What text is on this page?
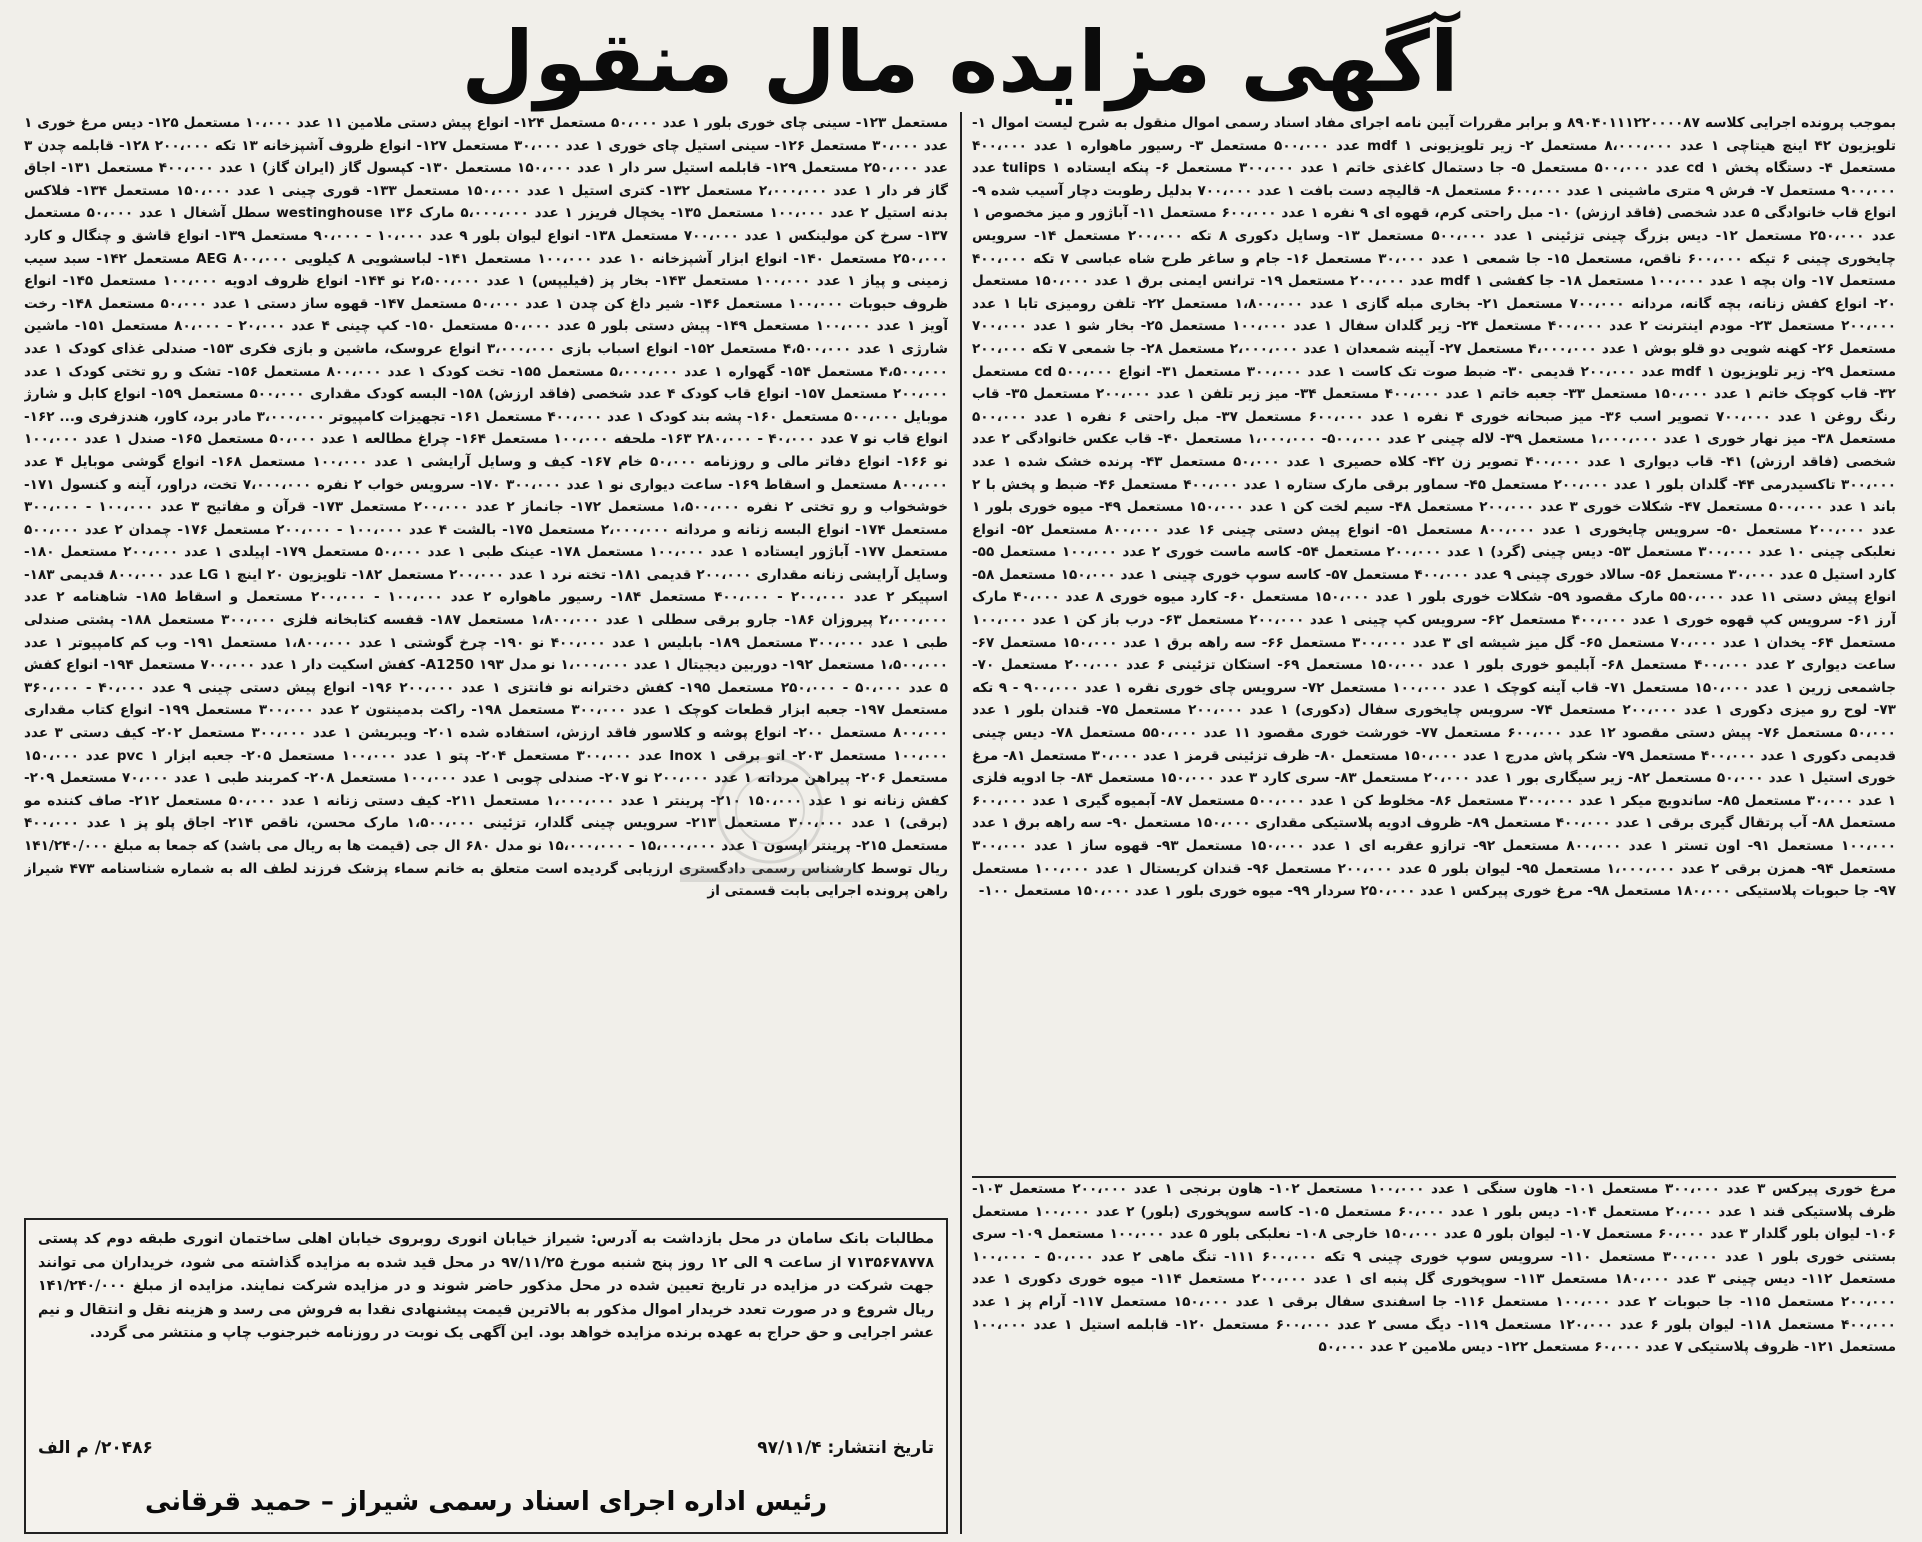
آگهی مزایده مال منقول
بموجب پرونده اجرایی کلاسه ۸۹۰۴۰۱۱۱۲۲۰۰۰۰۸۷ و برابر مقررات آیین نامه اجرای مفاد اسناد رسمی اموال منقول به شرح لیست اموال ۱- تلویزیون ۴۲ اینچ هیتاچی ۱ عدد ۸،۰۰۰،۰۰۰ مستعمل ۲- زیر تلویزیونی mdf ۱ عدد ۵۰۰،۰۰۰ مستعمل ۳- رسیور ماهواره ۱ عدد ۴۰۰،۰۰۰ مستعمل ۴- دستگاه پخش cd ۱ عدد ۵۰۰،۰۰۰ مستعمل ۵- جا دستمال کاغذی خاتم ۱ عدد ۳۰۰،۰۰۰ مستعمل ۶- پنکه ایستاده tulips ۱ عدد ۹۰۰،۰۰۰ مستعمل ۷- فرش ۹ متری ماشینی ۱ عدد ۶۰۰،۰۰۰ مستعمل ۸- قالیچه دست بافت ۱ عدد ۷۰۰،۰۰۰ بدلیل رطوبت دچار آسیب شده ۹- انواع قاب خانوادگی ۵ عدد شخصی (فاقد ارزش) ۱۰- مبل راحتی کرم، قهوه ای ۹ نفره ۱ عدد ۶۰۰،۰۰۰ مستعمل ۱۱- آباژور و میز مخصوص ۱ عدد ۲۵۰،۰۰۰ مستعمل ۱۲- دیس بزرگ چینی تزئینی ۱ عدد ۵۰۰،۰۰۰ مستعمل ۱۳- وسایل دکوری ۸ تکه ۲۰۰،۰۰۰ مستعمل ۱۴- سرویس چایخوری چینی ۶ تیکه ۶۰۰،۰۰۰ ناقص، مستعمل ۱۵- جا شمعی ۱ عدد ۳۰،۰۰۰ مستعمل ۱۶- جام و ساغر طرح شاه عباسی ۷ تکه ۴۰۰،۰۰۰ مستعمل ۱۷- وان بچه ۱ عدد ۱۰۰،۰۰۰ مستعمل ۱۸- جا کفشی mdf ۱ عدد ۲۰۰،۰۰۰ مستعمل ۱۹- ترانس ایمنی برق ۱ عدد ۱۵۰،۰۰۰ مستعمل ۲۰- انواع کفش زنانه، بچه گانه، مردانه ۷۰۰،۰۰۰ مستعمل ۲۱- بخاری مبله گازی ۱ عدد ۱،۸۰۰،۰۰۰ مستعمل ۲۲- تلفن رومیزی تابا ۱ عدد ۲۰۰،۰۰۰ مستعمل ۲۳- مودم اینترنت ۲ عدد ۴۰۰،۰۰۰ مستعمل ۲۴- زیر گلدان سفال ۱ عدد ۱۰۰،۰۰۰ مستعمل ۲۵- بخار شو ۱ عدد ۷۰۰،۰۰۰ مستعمل ۲۶- کهنه شویی دو قلو بوش ۱ عدد ۴،۰۰۰،۰۰۰ مستعمل ۲۷- آیینه شمعدان ۱ عدد ۲،۰۰۰،۰۰۰ مستعمل ۲۸- جا شمعی ۷ تکه ۲۰۰،۰۰۰ مستعمل ۲۹- زیر تلویزیون mdf ۱ عدد ۲۰۰،۰۰۰ قدیمی ۳۰- ضبط صوت تک کاست ۱ عدد ۳۰۰،۰۰۰ مستعمل ۳۱- انواع cd ۵۰۰،۰۰۰ مستعمل ۳۲- قاب کوچک خاتم ۱ عدد ۱۵۰،۰۰۰ مستعمل ۳۳- جعبه خاتم ۱ عدد ۴۰۰،۰۰۰ مستعمل ۳۴- میز زیر تلفن ۱ عدد ۲۰۰،۰۰۰ مستعمل ۳۵- قاب رنگ روغن ۱ عدد ۷۰۰،۰۰۰ تصویر اسب ۳۶- میز صبحانه خوری ۴ نفره ۱ عدد ۶۰۰،۰۰۰ مستعمل ۳۷- مبل راحتی ۶ نفره ۱ عدد ۵۰۰،۰۰۰ مستعمل ۳۸- میز نهار خوری ۱ عدد ۱،۰۰۰،۰۰۰ مستعمل ۳۹- لاله چینی ۲ عدد ۵۰۰،۰۰۰- ۱،۰۰۰،۰۰۰ مستعمل ۴۰- قاب عکس خانوادگی ۲ عدد شخصی (فاقد ارزش) ۴۱- قاب دیواری ۱ عدد ۴۰۰،۰۰۰ تصویر زن ۴۲- کلاه حصیری ۱ عدد ۵۰،۰۰۰ مستعمل ۴۳- پرنده خشک شده ۱ عدد ۳۰۰،۰۰۰ تاکسیدرمی ۴۴- گلدان بلور ۱ عدد ۲۰۰،۰۰۰ مستعمل ۴۵- سماور برقی مارک ستاره ۱ عدد ۴۰۰،۰۰۰ مستعمل ۴۶- ضبط و پخش با ۲ باند ۱ عدد ۵۰۰،۰۰۰ مستعمل ۴۷- شکلات خوری ۳ عدد ۲۰۰،۰۰۰ مستعمل ۴۸- سیم لخت کن ۱ عدد ۱۵۰،۰۰۰ مستعمل ۴۹- میوه خوری بلور ۱ عدد ۲۰۰،۰۰۰ مستعمل ۵۰- سرویس چایخوری ۱ عدد ۸۰۰،۰۰۰ مستعمل ۵۱- انواع پیش دستی چینی ۱۶ عدد ۸۰۰،۰۰۰ مستعمل ۵۲- انواع نعلبکی چینی ۱۰ عدد ۳۰۰،۰۰۰ مستعمل ۵۳- دیس چینی (گرد) ۱ عدد ۲۰۰،۰۰۰ مستعمل ۵۴- کاسه ماست خوری ۲ عدد ۱۰۰،۰۰۰ مستعمل ۵۵- کارد استیل ۵ عدد ۳۰،۰۰۰ مستعمل ۵۶- سالاد خوری چینی ۹ عدد ۴۰۰،۰۰۰ مستعمل ۵۷- کاسه سوپ خوری چینی ۱ عدد ۱۵۰،۰۰۰ مستعمل ۵۸- انواع پیش دستی ۱۱ عدد ۵۵۰،۰۰۰ مارک مقصود ۵۹- شکلات خوری بلور ۱ عدد ۱۵۰،۰۰۰ مستعمل ۶۰- کارد میوه خوری ۸ عدد ۴۰،۰۰۰ مارک آرز ۶۱- سرویس کپ قهوه خوری ۱ عدد ۴۰۰،۰۰۰ مستعمل ۶۲- سرویس کپ چینی ۱ عدد ۲۰۰،۰۰۰ مستعمل ۶۳- درب باز کن ۱ عدد ۱۰۰،۰۰۰ مستعمل ۶۴- یخدان ۱ عدد ۷۰،۰۰۰ مستعمل ۶۵- گل میز شیشه ای ۳ عدد ۳۰۰،۰۰۰ مستعمل ۶۶- سه راهه برق ۱ عدد ۱۵۰،۰۰۰ مستعمل ۶۷- ساعت دیواری ۲ عدد ۴۰۰،۰۰۰ مستعمل ۶۸- آبلیمو خوری بلور ۱ عدد ۱۵۰،۰۰۰ مستعمل ۶۹- استکان تزئینی ۶ عدد ۲۰۰،۰۰۰ مستعمل ۷۰- جاشمعی زرین ۱ عدد ۱۵۰،۰۰۰ مستعمل ۷۱- قاب آینه کوچک ۱ عدد ۱۰۰،۰۰۰ مستعمل ۷۲- سرویس چای خوری نقره ۱ عدد ۹۰۰،۰۰۰ - ۹ تکه ۷۳- لوح رو میزی دکوری ۱ عدد ۲۰۰،۰۰۰ مستعمل ۷۴- سرویس چایخوری سفال (دکوری) ۱ عدد ۲۰۰،۰۰۰ مستعمل ۷۵- قندان بلور ۱ عدد ۵۰،۰۰۰ مستعمل ۷۶- پیش دستی مقصود ۱۲ عدد ۶۰۰،۰۰۰ مستعمل ۷۷- خورشت خوری مقصود ۱۱ عدد ۵۵۰،۰۰۰ مستعمل ۷۸- دیس چینی قدیمی دکوری ۱ عدد ۴۰۰،۰۰۰ مستعمل ۷۹- شکر پاش مدرج ۱ عدد ۱۵۰،۰۰۰ مستعمل ۸۰- ظرف تزئینی قرمز ۱ عدد ۳۰،۰۰۰ مستعمل ۸۱- مرغ خوری استیل ۱ عدد ۵۰،۰۰۰ مستعمل ۸۲- زیر سیگاری بور ۱ عدد ۲۰،۰۰۰ مستعمل ۸۳- سری کارد ۳ عدد ۱۵۰،۰۰۰ مستعمل ۸۴- جا ادویه فلزی ۱ عدد ۳۰،۰۰۰ مستعمل ۸۵- ساندویچ میکر ۱ عدد ۳۰۰،۰۰۰ مستعمل ۸۶- مخلوط کن ۱ عدد ۵۰۰،۰۰۰ مستعمل ۸۷- آبمیوه گیری ۱ عدد ۶۰۰،۰۰۰ مستعمل ۸۸- آب پرتقال گیری برقی ۱ عدد ۴۰۰،۰۰۰ مستعمل ۸۹- ظروف ادویه پلاستیکی مقداری ۱۵۰،۰۰۰ مستعمل ۹۰- سه راهه برق ۱ عدد ۱۰۰،۰۰۰ مستعمل ۹۱- اون تستر ۱ عدد ۸۰۰،۰۰۰ مستعمل ۹۲- ترازو عقربه ای ۱ عدد ۱۵۰،۰۰۰ مستعمل ۹۳- قهوه ساز ۱ عدد ۳۰۰،۰۰۰ مستعمل ۹۴- همزن برقی ۲ عدد ۱،۰۰۰،۰۰۰ مستعمل ۹۵- لیوان بلور ۵ عدد ۲۰۰،۰۰۰ مستعمل ۹۶- قندان کریستال ۱ عدد ۱۰۰،۰۰۰ مستعمل ۹۷- جا حبوبات پلاستیکی ۱۸۰،۰۰۰ مستعمل ۹۸- مرغ خوری پیرکس ۱ عدد ۲۵۰،۰۰۰ سردار ۹۹- میوه خوری بلور ۱ عدد ۱۵۰،۰۰۰ مستعمل ۱۰۰-
مرغ خوری پیرکس ۳ عدد ۳۰۰،۰۰۰ مستعمل ۱۰۱- هاون سنگی ۱ عدد ۱۰۰،۰۰۰ مستعمل ۱۰۲- هاون برنجی ۱ عدد ۲۰۰،۰۰۰ مستعمل ۱۰۳- ظرف پلاستیکی قند ۱ عدد ۲۰،۰۰۰ مستعمل ۱۰۴- دیس بلور ۱ عدد ۶۰،۰۰۰ مستعمل ۱۰۵- کاسه سوپخوری (بلور) ۲ عدد ۱۰۰،۰۰۰ مستعمل ۱۰۶- لیوان بلور گلدار ۳ عدد ۶۰،۰۰۰ مستعمل ۱۰۷- لیوان بلور ۵ عدد ۱۵۰،۰۰۰ خارجی ۱۰۸- نعلبکی بلور ۵ عدد ۱۰۰،۰۰۰ مستعمل ۱۰۹- سری بستنی خوری بلور ۱ عدد ۳۰۰،۰۰۰ مستعمل ۱۱۰- سرویس سوپ خوری چینی ۹ تکه ۶۰۰،۰۰۰ ۱۱۱- تنگ ماهی ۲ عدد ۵۰،۰۰۰ - ۱۰۰،۰۰۰ مستعمل ۱۱۲- دیس چینی ۳ عدد ۱۸۰،۰۰۰ مستعمل ۱۱۳- سوپخوری گل پنبه ای ۱ عدد ۲۰۰،۰۰۰ مستعمل ۱۱۴- میوه خوری دکوری ۱ عدد ۲۰۰،۰۰۰ مستعمل ۱۱۵- جا حبوبات ۲ عدد ۱۰۰،۰۰۰ مستعمل ۱۱۶- جا اسفندی سفال برقی ۱ عدد ۱۵۰،۰۰۰ مستعمل ۱۱۷- آرام پز ۱ عدد ۴۰۰،۰۰۰ مستعمل ۱۱۸- لیوان بلور ۶ عدد ۱۲۰،۰۰۰ مستعمل ۱۱۹- دیگ مسی ۲ عدد ۶۰۰،۰۰۰ مستعمل ۱۲۰- قابلمه استیل ۱ عدد ۱۰۰،۰۰۰ مستعمل ۱۲۱- ظروف پلاستیکی ۷ عدد ۶۰،۰۰۰ مستعمل ۱۲۲- دیس ملامین ۲ عدد ۵۰،۰۰۰
مستعمل ۱۲۳- سینی چای خوری بلور ۱ عدد ۵۰،۰۰۰ مستعمل ۱۲۴- انواع پیش دستی ملامین ۱۱ عدد ۱۰،۰۰۰ مستعمل ۱۲۵- دیس مرغ خوری ۱ عدد ۳۰،۰۰۰ مستعمل ۱۲۶- سینی استیل چای خوری ۱ عدد ۳۰،۰۰۰ مستعمل ۱۲۷- انواع ظروف آشپزخانه ۱۳ تکه ۲۰۰،۰۰۰ ۱۲۸- قابلمه چدن ۳ عدد ۲۵۰،۰۰۰ مستعمل ۱۲۹- قابلمه استیل سر دار ۱ عدد ۱۵۰،۰۰۰ مستعمل ۱۳۰- کپسول گاز (ایران گاز) ۱ عدد ۴۰۰،۰۰۰ مستعمل ۱۳۱- اجاق گاز فر دار ۱ عدد ۲،۰۰۰،۰۰۰ مستعمل ۱۳۲- کتری استیل ۱ عدد ۱۵۰،۰۰۰ مستعمل ۱۳۳- قوری چینی ۱ عدد ۱۵۰،۰۰۰ مستعمل ۱۳۴- فلاکس بدنه استیل ۲ عدد ۱۰۰،۰۰۰ مستعمل ۱۳۵- یخچال فریزر ۱ عدد ۵،۰۰۰،۰۰۰ مارک westinghouse ۱۳۶ سطل آشغال ۱ عدد ۵۰،۰۰۰ مستعمل ۱۳۷- سرخ کن مولینکس ۱ عدد ۷۰۰،۰۰۰ مستعمل ۱۳۸- انواع لیوان بلور ۹ عدد ۱۰،۰۰۰ - ۹۰،۰۰۰ مستعمل ۱۳۹- انواع قاشق و چنگال و کارد ۲۵۰،۰۰۰ مستعمل ۱۴۰- انواع ابزار آشپزخانه ۱۰ عدد ۱۰۰،۰۰۰ مستعمل ۱۴۱- لباسشویی ۸ کیلویی ۸۰۰،۰۰۰ AEG مستعمل ۱۴۲- سبد سیب زمینی و پیاز ۱ عدد ۱۰۰،۰۰۰ مستعمل ۱۴۳- بخار پز (فیلیپس) ۱ عدد ۲،۵۰۰،۰۰۰ نو ۱۴۴- انواع ظروف ادویه ۱۰۰،۰۰۰ مستعمل ۱۴۵- انواع ظروف حبوبات ۱۰۰،۰۰۰ مستعمل ۱۴۶- شیر داغ کن چدن ۱ عدد ۵۰،۰۰۰ مستعمل ۱۴۷- قهوه ساز دستی ۱ عدد ۵۰،۰۰۰ مستعمل ۱۴۸- رخت آویز ۱ عدد ۱۰۰،۰۰۰ مستعمل ۱۴۹- پیش دستی بلور ۵ عدد ۵۰،۰۰۰ مستعمل ۱۵۰- کپ چینی ۴ عدد ۲۰،۰۰۰ - ۸۰،۰۰۰ مستعمل ۱۵۱- ماشین شارژی ۱ عدد ۴،۵۰۰،۰۰۰ مستعمل ۱۵۲- انواع اسباب بازی ۳،۰۰۰،۰۰۰ انواع عروسک، ماشین و بازی فکری ۱۵۳- صندلی غذای کودک ۱ عدد ۴،۵۰۰،۰۰۰ مستعمل ۱۵۴- گهواره ۱ عدد ۵،۰۰۰،۰۰۰ مستعمل ۱۵۵- تخت کودک ۱ عدد ۸۰۰،۰۰۰ مستعمل ۱۵۶- تشک و رو تختی کودک ۱ عدد ۲۰۰،۰۰۰ مستعمل ۱۵۷- انواع قاب کودک ۴ عدد شخصی (فاقد ارزش) ۱۵۸- البسه کودک مقداری ۵۰۰،۰۰۰ مستعمل ۱۵۹- انواع کابل و شارژ موبایل ۵۰۰،۰۰۰ مستعمل ۱۶۰- پشه بند کودک ۱ عدد ۴۰۰،۰۰۰ مستعمل ۱۶۱- تجهیزات کامپیوتر ۳،۰۰۰،۰۰۰ مادر برد، کاور، هندزفری و... ۱۶۲- انواع قاب نو ۷ عدد ۴۰،۰۰۰ - ۲۸۰،۰۰۰ ۱۶۳- ملحفه ۱۰۰،۰۰۰ مستعمل ۱۶۴- چراغ مطالعه ۱ عدد ۵۰،۰۰۰ مستعمل ۱۶۵- صندل ۱ عدد ۱۰۰،۰۰۰ نو ۱۶۶- انواع دفاتر مالی و روزنامه ۵۰،۰۰۰ خام ۱۶۷- کیف و وسایل آرایشی ۱ عدد ۱۰۰،۰۰۰ مستعمل ۱۶۸- انواع گوشی موبایل ۴ عدد ۸۰۰،۰۰۰ مستعمل و اسقاط ۱۶۹- ساعت دیواری نو ۱ عدد ۳۰۰،۰۰۰ ۱۷۰- سرویس خواب ۲ نفره ۷،۰۰۰،۰۰۰ تخت، دراور، آینه و کنسول ۱۷۱- خوشخواب و رو تختی ۲ نفره ۱،۵۰۰،۰۰۰ مستعمل ۱۷۲- جانماز ۲ عدد ۲۰۰،۰۰۰ مستعمل ۱۷۳- قرآن و مفاتیح ۳ عدد ۱۰۰،۰۰۰ - ۳۰۰،۰۰۰ مستعمل ۱۷۴- انواع البسه زنانه و مردانه ۲،۰۰۰،۰۰۰ مستعمل ۱۷۵- بالشت ۴ عدد ۱۰۰،۰۰۰ - ۲۰۰،۰۰۰ مستعمل ۱۷۶- چمدان ۲ عدد ۵۰۰،۰۰۰ مستعمل ۱۷۷- آباژور ایستاده ۱ عدد ۱۰۰،۰۰۰ مستعمل ۱۷۸- عینک طبی ۱ عدد ۵۰،۰۰۰ مستعمل ۱۷۹- اپیلدی ۱ عدد ۲۰۰،۰۰۰ مستعمل ۱۸۰- وسایل آرایشی زنانه مقداری ۲۰۰،۰۰۰ قدیمی ۱۸۱- تخته نرد ۱ عدد ۲۰۰،۰۰۰ مستعمل ۱۸۲- تلویزیون ۲۰ اینچ LG ۱ عدد ۸۰۰،۰۰۰ قدیمی ۱۸۳- اسپیکر ۲ عدد ۲۰۰،۰۰۰ - ۴۰۰،۰۰۰ مستعمل ۱۸۴- رسیور ماهواره ۲ عدد ۱۰۰،۰۰۰ - ۲۰۰،۰۰۰ مستعمل و اسقاط ۱۸۵- شاهنامه ۲ عدد ۲،۰۰۰،۰۰۰ پیروزان ۱۸۶- جارو برقی سطلی ۱ عدد ۱،۸۰۰،۰۰۰ مستعمل ۱۸۷- قفسه کتابخانه فلزی ۳۰۰،۰۰۰ مستعمل ۱۸۸- پشتی صندلی طبی ۱ عدد ۳۰۰،۰۰۰ مستعمل ۱۸۹- بابلیس ۱ عدد ۴۰۰،۰۰۰ نو ۱۹۰- چرخ گوشتی ۱ عدد ۱،۸۰۰،۰۰۰ مستعمل ۱۹۱- وب کم کامپیوتر ۱ عدد ۱،۵۰۰،۰۰۰ مستعمل ۱۹۲- دوربین دیجیتال ۱ عدد ۱،۰۰۰،۰۰۰ نو مدل A1250 ۱۹۳- کفش اسکیت دار ۱ عدد ۷۰۰،۰۰۰ مستعمل ۱۹۴- انواع کفش ۵ عدد ۵۰،۰۰۰ - ۲۵۰،۰۰۰ مستعمل ۱۹۵- کفش دخترانه نو فانتزی ۱ عدد ۲۰۰،۰۰۰ ۱۹۶- انواع پیش دستی چینی ۹ عدد ۴۰،۰۰۰ - ۳۶۰،۰۰۰ مستعمل ۱۹۷- جعبه ابزار قطعات کوچک ۱ عدد ۳۰۰،۰۰۰ مستعمل ۱۹۸- راکت بدمینتون ۲ عدد ۳۰۰،۰۰۰ مستعمل ۱۹۹- انواع کتاب مقداری ۸۰۰،۰۰۰ مستعمل ۲۰۰- انواع پوشه و کلاسور فاقد ارزش، استفاده شده ۲۰۱- ویبریشن ۱ عدد ۳۰۰،۰۰۰ مستعمل ۲۰۲- کیف دستی ۳ عدد ۱۰۰،۰۰۰ مستعمل ۲۰۳- اتو برقی Inox ۱ عدد ۳۰۰،۰۰۰ مستعمل ۲۰۴- پتو ۱ عدد ۱۰۰،۰۰۰ مستعمل ۲۰۵- جعبه ابزار pvc ۱ عدد ۱۵۰،۰۰۰ مستعمل ۲۰۶- پیراهن مردانه ۱ عدد ۲۰۰،۰۰۰ نو ۲۰۷- صندلی چوبی ۱ عدد ۱۰۰،۰۰۰ مستعمل ۲۰۸- کمربند طبی ۱ عدد ۷۰،۰۰۰ مستعمل ۲۰۹- کفش زنانه نو ۱ عدد ۱۵۰،۰۰۰ ۲۱۰- پرینتر ۱ عدد ۱،۰۰۰،۰۰۰ مستعمل ۲۱۱- کیف دستی زنانه ۱ عدد ۵۰،۰۰۰ مستعمل ۲۱۲- صاف کننده مو (برقی) ۱ عدد ۳۰۰،۰۰۰ مستعمل ۲۱۳- سرویس چینی گلدار، تزئینی ۱،۵۰۰،۰۰۰ مارک محسن، ناقص ۲۱۴- اجاق پلو پز ۱ عدد ۴۰۰،۰۰۰ مستعمل ۲۱۵- پرینتر اپسون ۱ عدد ۱۵،۰۰۰،۰۰۰ - ۱۵،۰۰۰،۰۰۰ نو مدل ۶۸۰ ال جی (قیمت ها به ریال می باشد) که جمعا به مبلغ ۱۴۱/۲۴۰/۰۰۰ ریال توسط کارشناس رسمی دادگستری ارزیابی گردیده است متعلق به خانم سماء پزشک فرزند لطف اله به شماره شناسنامه ۴۷۳ شیراز راهن پرونده اجرایی بابت قسمتی از
مطالبات بانک سامان در محل بازداشت به آدرس: شیراز خیابان انوری روبروی خیابان اهلی ساختمان انوری طبقه دوم کد پستی ۷۱۳۵۶۷۸۷۷۸ از ساعت ۹ الی ۱۲ روز پنج شنبه مورخ ۹۷/۱۱/۲۵ در محل قید شده به مزایده گذاشته می شود، خریداران می توانند جهت شرکت در مزایده در تاریخ تعیین شده در محل مذکور حاضر شوند و در مزایده شرکت نمایند. مزایده از مبلغ ۱۴۱/۲۴۰/۰۰۰ ریال شروع و در صورت تعدد خریدار اموال مذکور به بالاترین قیمت پیشنهادی نقدا به فروش می رسد و هزینه نقل و انتقال و نیم عشر اجرایی و حق حراج به عهده برنده مزایده خواهد بود. این آگهی یک نوبت در روزنامه خبرجنوب چاپ و منتشر می گردد.
تاریخ انتشار: ۹۷/۱۱/۴
۲۰۴۸۶/ م الف
رئیس اداره اجرای اسناد رسمی شیراز – حمید قرقانی
